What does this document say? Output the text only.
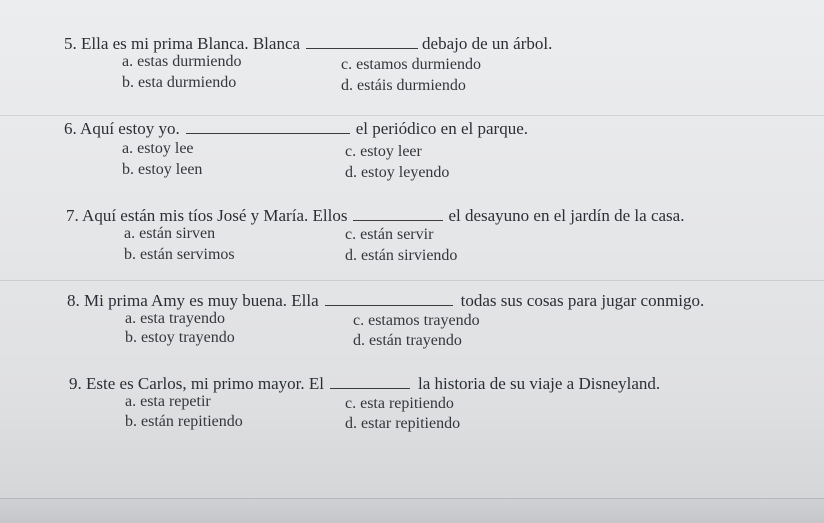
5. Ella es mi prima Blanca. Blanca	debajo de un árbol.
a. estas durmiendo
b. esta durmiendo
c. estamos durmiendo
d. estáis durmiendo
6. Aquí estoy yo.	el periódico en el parque.
a. estoy lee
b. estoy leen
c. estoy leer
d. estoy leyendo
7. Aquí están mis tíos José y María. Ellos	el desayuno en el jardín de la casa.
a. están sirven
b. están servimos
c. están servir
d. están sirviendo
8. Mi prima Amy es muy buena. Ella	todas sus cosas para jugar conmigo.
a. esta trayendo
b. estoy trayendo
c. estamos trayendo
d. están trayendo
9. Este es Carlos, mi primo mayor. El	la historia de su viaje a Disneyland.
a. esta repetir
b. están repitiendo
c. esta repitiendo
d. estar repitiendo
